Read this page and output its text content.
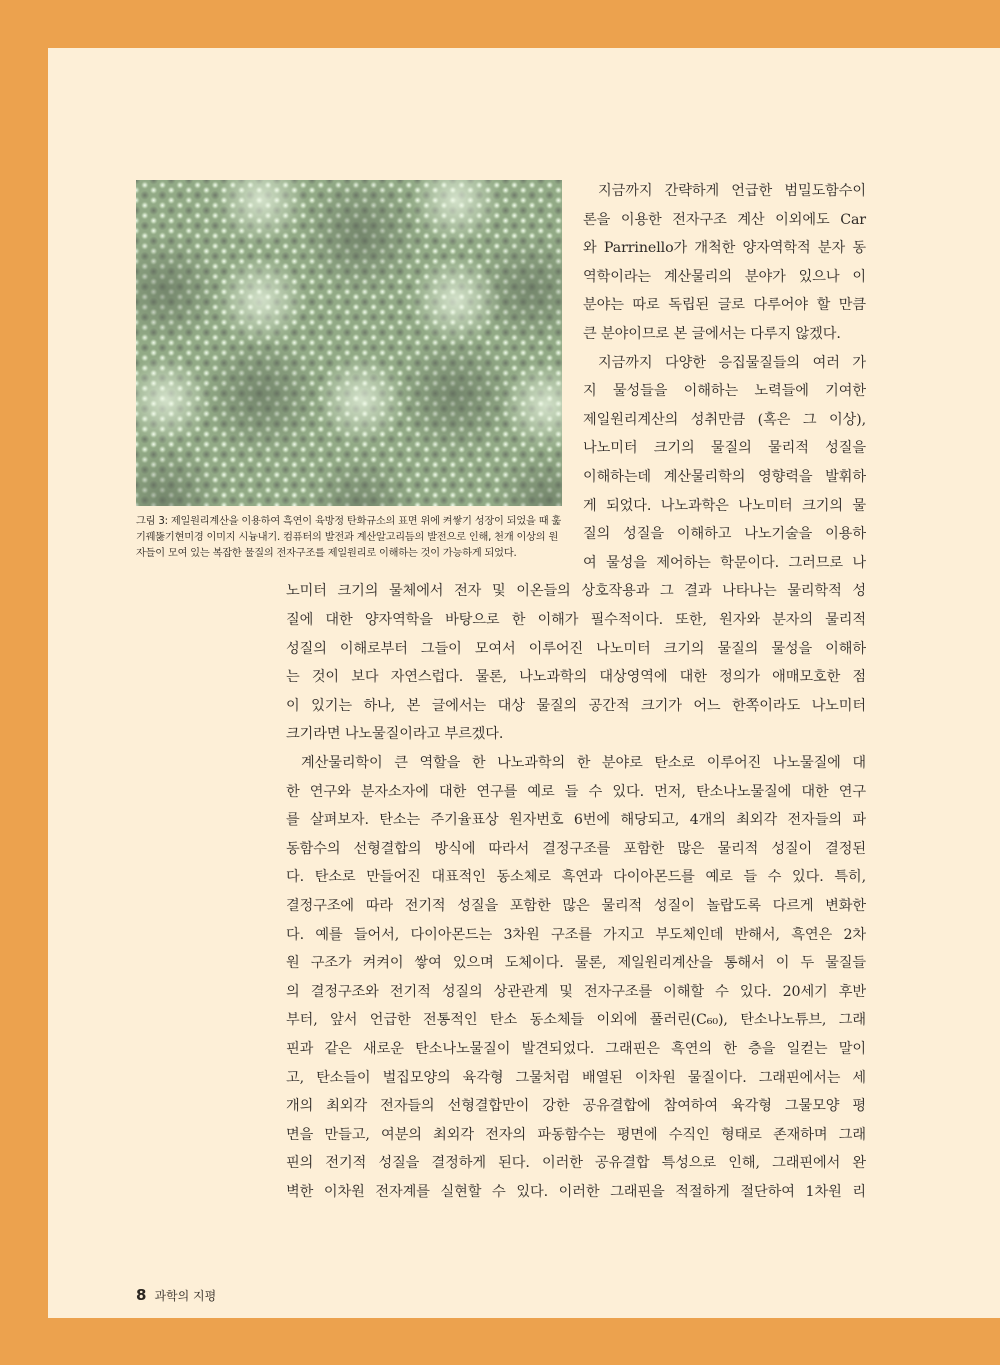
그림 3: 제일원리계산을 이용하여 흑연이 육방정 탄화규소의 표면 위에 켜쌓기 성장이 되었을 때 훑기꿰뚫기현미경 이미지 시늉내기. 컴퓨터의 발전과 계산알고리듬의 발전으로 인해, 천개 이상의 원자들이 모여 있는 복잡한 물질의 전자구조를 제일원리로 이해하는 것이 가능하게 되었다.
지금까지 간략하게 언급한 범밀도함수이
론을 이용한 전자구조 계산 이외에도 Car
와 Parrinello가 개척한 양자역학적 분자 동
역학이라는 계산물리의 분야가 있으나 이
분야는 따로 독립된 글로 다루어야 할 만큼
큰 분야이므로 본 글에서는 다루지 않겠다.
지금까지 다양한 응집물질들의 여러 가
지 물성들을 이해하는 노력들에 기여한
제일원리계산의 성취만큼 (혹은 그 이상),
나노미터 크기의 물질의 물리적 성질을
이해하는데 계산물리학의 영향력을 발휘하
게 되었다. 나노과학은 나노미터 크기의 물
질의 성질을 이해하고 나노기술을 이용하
여 물성을 제어하는 학문이다. 그러므로 나
노미터 크기의 물체에서 전자 및 이온들의 상호작용과 그 결과 나타나는 물리학적 성
질에 대한 양자역학을 바탕으로 한 이해가 필수적이다. 또한, 원자와 분자의 물리적
성질의 이해로부터 그들이 모여서 이루어진 나노미터 크기의 물질의 물성을 이해하
는 것이 보다 자연스럽다. 물론, 나노과학의 대상영역에 대한 정의가 애매모호한 점
이 있기는 하나, 본 글에서는 대상 물질의 공간적 크기가 어느 한쪽이라도 나노미터
크기라면 나노물질이라고 부르겠다.
계산물리학이 큰 역할을 한 나노과학의 한 분야로 탄소로 이루어진 나노물질에 대
한 연구와 분자소자에 대한 연구를 예로 들 수 있다. 먼저, 탄소나노물질에 대한 연구
를 살펴보자. 탄소는 주기율표상 원자번호 6번에 해당되고, 4개의 최외각 전자들의 파
동함수의 선형결합의 방식에 따라서 결정구조를 포함한 많은 물리적 성질이 결정된
다. 탄소로 만들어진 대표적인 동소체로 흑연과 다이아몬드를 예로 들 수 있다. 특히,
결정구조에 따라 전기적 성질을 포함한 많은 물리적 성질이 놀랍도록 다르게 변화한
다. 예를 들어서, 다이아몬드는 3차원 구조를 가지고 부도체인데 반해서, 흑연은 2차
원 구조가 켜켜이 쌓여 있으며 도체이다. 물론, 제일원리계산을 통해서 이 두 물질들
의 결정구조와 전기적 성질의 상관관계 및 전자구조를 이해할 수 있다. 20세기 후반
부터, 앞서 언급한 전통적인 탄소 동소체들 이외에 풀러린(C₆₀), 탄소나노튜브, 그래
핀과 같은 새로운 탄소나노물질이 발견되었다. 그래핀은 흑연의 한 층을 일컫는 말이
고, 탄소들이 벌집모양의 육각형 그물처럼 배열된 이차원 물질이다. 그래핀에서는 세
개의 최외각 전자들의 선형결합만이 강한 공유결합에 참여하여 육각형 그물모양 평
면을 만들고, 여분의 최외각 전자의 파동함수는 평면에 수직인 형태로 존재하며 그래
핀의 전기적 성질을 결정하게 된다. 이러한 공유결합 특성으로 인해, 그래핀에서 완
벽한 이차원 전자계를 실현할 수 있다. 이러한 그래핀을 적절하게 절단하여 1차원 리
8 과학의 지평
